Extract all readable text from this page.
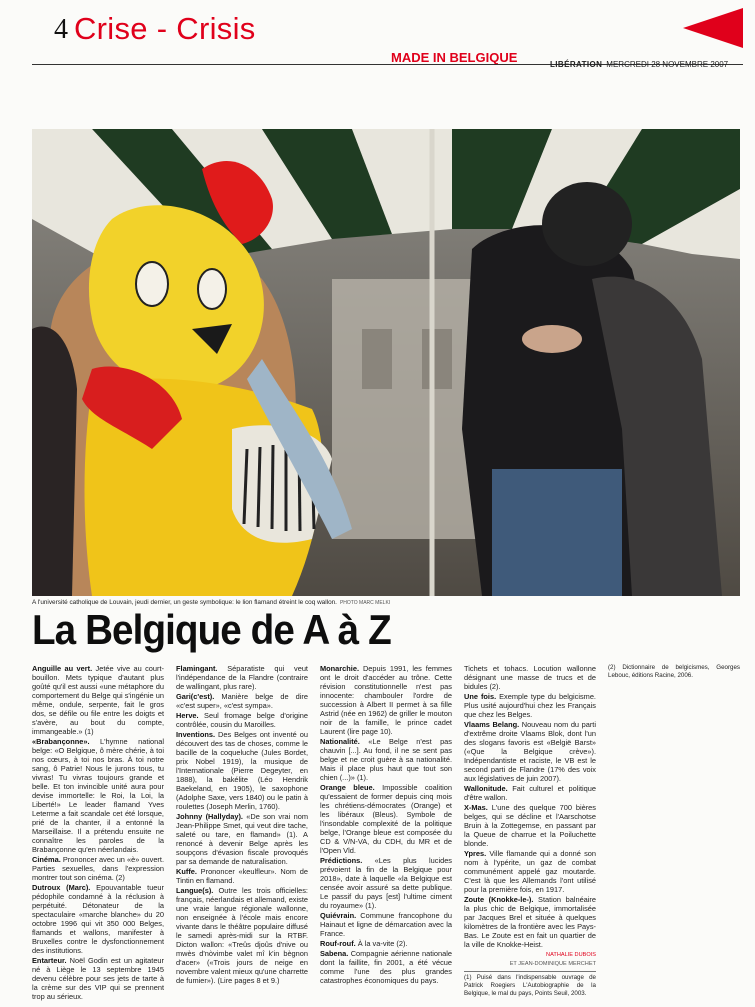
4 Crise - Crisis
MADE IN BELGIQUE	LIBÉRATION MERCREDI 28 NOVEMBRE 2007
A l'université catholique de Louvain, jeudi dernier, un geste symbolique: le lion flamand étreint le coq wallon. PHOTO MARC MELKI
La Belgique de A à Z

Anguille au vert. Jetée vive au court-bouillon. Mets typique d'autant plus goûté qu'il est aussi «une métaphore du comportement du Belge qui s'ingénie un même, ondule, serpente, fait le gros dos, se défile ou file entre les doigts et s'avère, au bout du compte, immangeable.» (1)

«Brabançonne». L'hymne national belge: «O Belgique, ô mère chérie, à toi nos cœurs, à toi nos bras. À toi notre sang, ô Patrie! Nous le jurons tous, tu vivras! Tu vivras toujours grande et belle. Et ton invincible unité aura pour devise immortelle: le Roi, la Loi, la Liberté!» Le leader flamand Yves Leterme a fait scandale cet été lorsque, prié de la chanter, il a entonné la Marseillaise. Il a prétendu ensuite ne connaître les paroles de la Brabançonne qu'en néerlandais.

Cinéma. Prononcer avec un «è» ouvert. Parties sexuelles, dans l'expression montrer tout son cinéma. (2)

Dutroux (Marc). Epouvantable tueur pédophile condamné à la réclusion à perpétuité. Détonateur de la spectaculaire «marche blanche» du 20 octobre 1996 qui vit 350 000 Belges, flamands et wallons, manifester à Bruxelles contre le dysfonctionnement des institutions.

Entarteur. Noël Godin est un agitateur né à Liège le 13 septembre 1945 devenu célèbre pour ses jets de tarte à la crème sur des VIP qui se prennent trop au sérieux.

Flamingant. Séparatiste qui veut l'indépendance de la Flandre (contraire de wallingant, plus rare).

Gari(c'est). Manière belge de dire «c'est super», «c'est sympa».

Herve. Seul fromage belge d'origine contrôlée, cousin du Maroilles.

Inventions. Des Belges ont inventé ou découvert des tas de choses, comme le bacille de la coqueluche (Jules Bordet, prix Nobel 1919), la musique de l'Internationale (Pierre Degeyter, en 1888), la bakélite (Léo Hendrik Baekeland, en 1905), le saxophone (Adolphe Saxe, vers 1840) ou le patin à roulettes (Joseph Merlin, 1760).

Johnny (Hallyday). «De son vrai nom Jean-Philippe Smet, qui veut dire tache, saleté ou tare, en flamand» (1). A renoncé à devenir Belge après les soupçons d'évasion fiscale provoqués par sa demande de naturalisation.

Kuffe. Prononcer «keulfleur». Nom de Tintin en flamand.

Langue(s). Outre les trois officielles: français, néerlandais et allemand, existe une vraie langue régionale wallonne, non enseignée à l'école mais encore vivante dans le théâtre populaire diffusé le samedi après-midi sur la RTBF. Dicton wallon: «Treûs djoûs d'nive ou mwès d'nòvimbe valet mî k'in bègnon d'acer» («Trois jours de neige en novembre valent mieux qu'une charrette de fumier»). (Lire pages 8 et 9.)

Monarchie. Depuis 1991, les femmes ont le droit d'accéder au trône. Cette révision constitutionnelle n'est pas innocente: chambouler l'ordre de succession à Albert II permet à sa fille Astrid (née en 1962) de griller le mouton noir de la famille, le prince cadet Laurent (lire page 10).

Nationalité. «Le Belge n'est pas chauvin [...]. Au fond, il ne se sent pas belge et ne croit guère à sa nationalité. Mais il place plus haut que tout son chien (...)» (1).

Orange bleue. Impossible coalition qu'essaient de former depuis cinq mois les chrétiens-démocrates (Orange) et les libéraux (Bleus). Symbole de l'insondable complexité de la politique belge, l'Orange bleue est composée du CD & V/N-VA, du CDH, du MR et de l'Open Vld.

Prédictions. «Les plus lucides prévoient la fin de la Belgique pour 2018», date à laquelle «la Belgique est censée avoir assuré sa dette publique. Le passif du pays [est] l'ultime ciment du royaume» (1).

Quiévrain. Commune francophone du Hainaut et ligne de démarcation avec la France.

Rouf-rouf. À la va-vite (2).

Sabena. Compagnie aérienne nationale dont la faillite, fin 2001, a été vécue comme l'une des plus grandes catastrophes économiques du pays.

Tichets et tohacs. Locution wallonne désignant une masse de trucs et de bidules (2).

Une fois. Exemple type du belgicisme. Plus usité aujourd'hui chez les Français que chez les Belges.

Vlaams Belang. Nouveau nom du parti d'extrême droite Vlaams Blok, dont l'un des slogans favoris est «België Barst» («Que la Belgique crève»). Indépendantiste et raciste, le VB est le second parti de Flandre (17% des voix aux législatives de juin 2007).

Wallonitude. Fait culturel et politique d'être wallon.

X-Mas. L'une des quelque 700 bières belges, qui se décline et l'Aarschotse Bruin à la Zottegemse, en passant par la Queue de charrue et la Poiluchette blonde.

Ypres. Ville flamande qui a donné son nom à l'ypérite, un gaz de combat communément appelé gaz moutarde. C'est là que les Allemands l'ont utilisé pour la première fois, en 1917.

Zoute (Knokke-le-). Station balnéaire la plus chic de Belgique, immortalisée par Jacques Brel et située à quelques kilomètres de la frontière avec les Pays-Bas. Le Zoute est en fait un quartier de la ville de Knokke-Heist.

NATHALIE DUBOIS
ET JEAN-DOMINIQUE MERCHET

(1) Puisé dans l'indispensable ouvrage de Patrick Roegiers L'Autobiographie de la Belgique, le mal du pays, Points Seuil, 2003.

(2) Dictionnaire de belgicismes, Georges Lebouc, éditions Racine, 2006.
